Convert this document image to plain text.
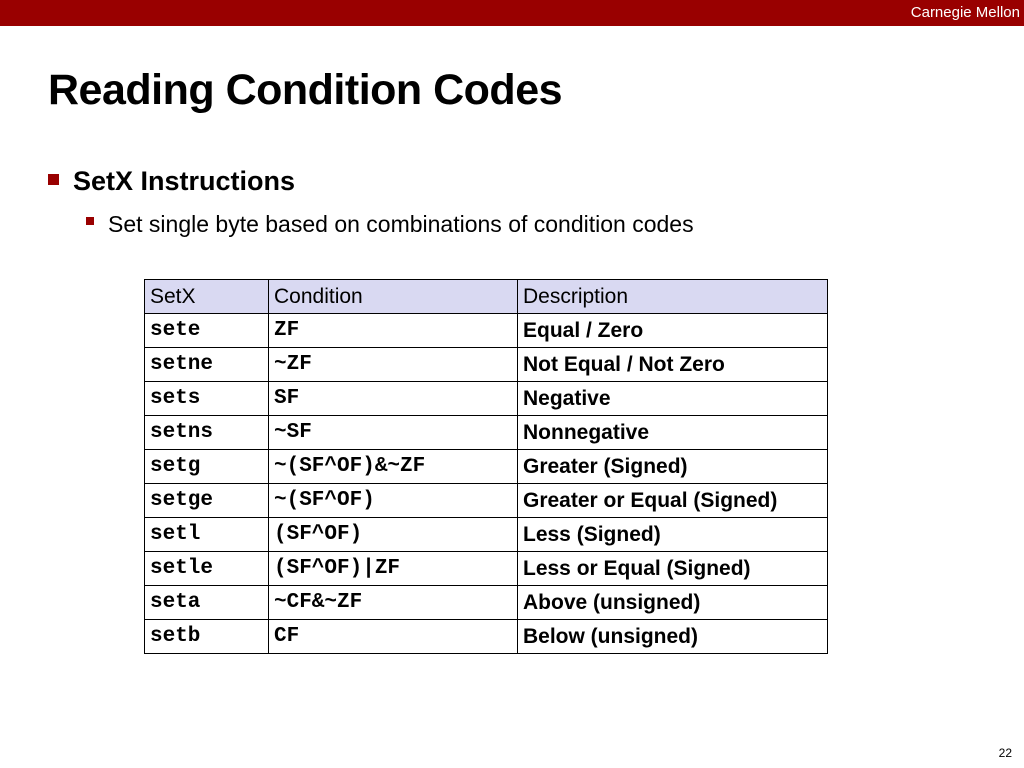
Carnegie Mellon
Reading Condition Codes
SetX Instructions
Set single byte based on combinations of condition codes
SetX	Condition	Description
sete	ZF	Equal / Zero
setne	~ZF	Not Equal / Not Zero
sets	SF	Negative
setns	~SF	Nonnegative
setg	~(SF^OF)&~ZF	Greater (Signed)
setge	~(SF^OF)	Greater or Equal (Signed)
setl	(SF^OF)	Less (Signed)
setle	(SF^OF)|ZF	Less or Equal (Signed)
seta	~CF&~ZF	Above (unsigned)
setb	CF	Below (unsigned)
22
